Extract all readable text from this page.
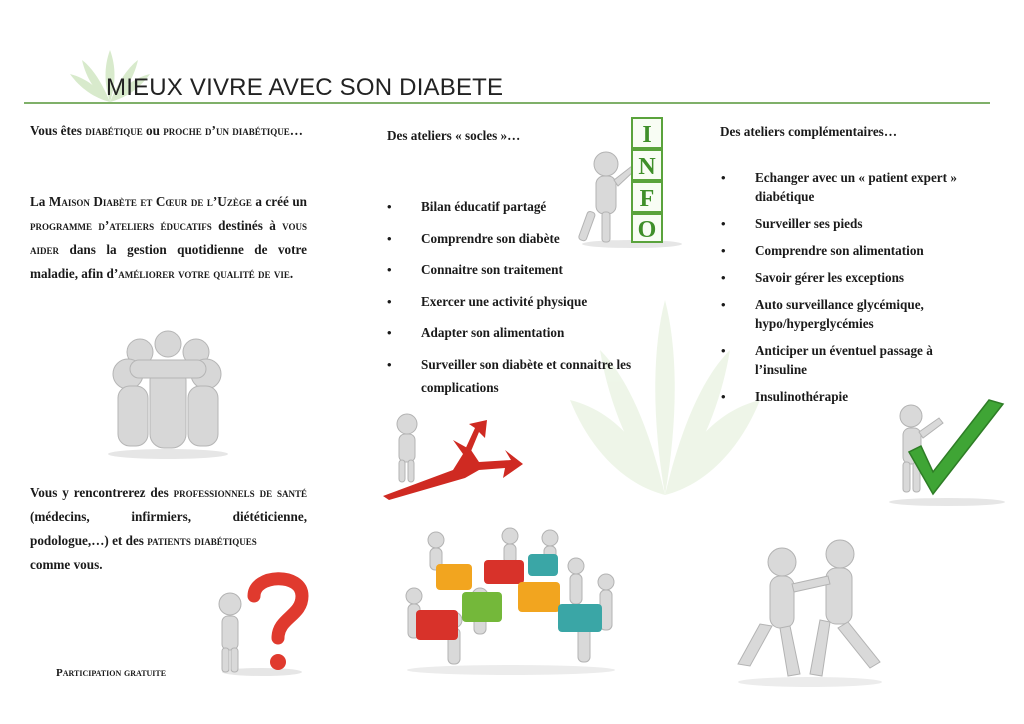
MIEUX VIVRE AVEC SON DIABETE

Vous êtes diabétique ou proche d’un diabétique…

La Maison Diabète et Cœur de l’Uzège a créé un programme d’ateliers éducatifs destinés à vous aider dans la gestion quotidienne de votre maladie, afin d’améliorer votre qualité de vie.

Vous y rencontrerez des professionnels de santé (médecins, infirmiers, diététicienne, podologue,…) et des patients diabétiques
comme vous.

Participation gratuite
Des ateliers « socles »…	I
N
F
O
• Bilan éducatif partagé
• Comprendre son diabète
• Connaitre son traitement
• Exercer une activité physique
• Adapter son alimentation
• Surveiller son diabète et connaitre les complications
Des ateliers complémentaires…
• Echanger avec un « patient expert » diabétique
• Surveiller ses pieds
• Comprendre son alimentation
• Savoir gérer les exceptions
• Auto surveillance glycémique, hypo/hyperglycémies
• Anticiper un éventuel passage à l’insuline
• Insulinothérapie
